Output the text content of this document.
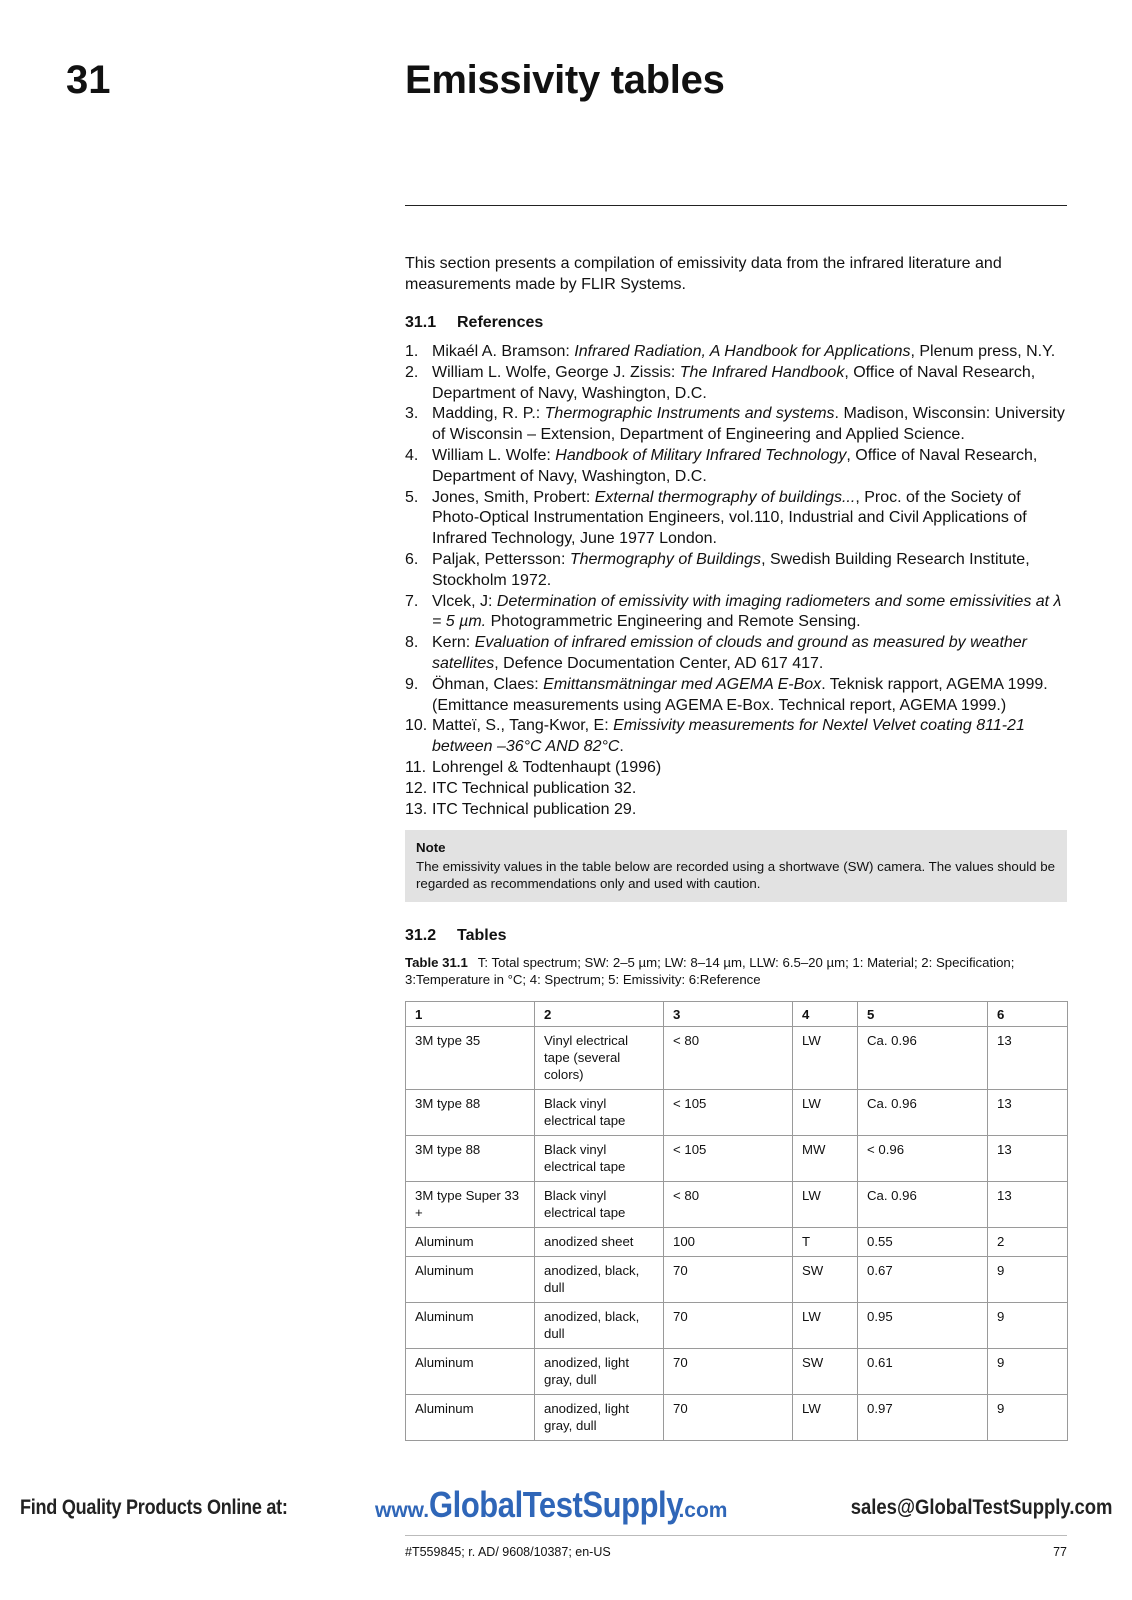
31	Emissivity tables

This section presents a compilation of emissivity data from the infrared literature and measurements made by FLIR Systems.

31.1 References
1. Mikaél A. Bramson: Infrared Radiation, A Handbook for Applications, Plenum press, N.Y.
2. William L. Wolfe, George J. Zissis: The Infrared Handbook, Office of Naval Research, Department of Navy, Washington, D.C.
3. Madding, R. P.: Thermographic Instruments and systems. Madison, Wisconsin: University of Wisconsin – Extension, Department of Engineering and Applied Science.
4. William L. Wolfe: Handbook of Military Infrared Technology, Office of Naval Research, Department of Navy, Washington, D.C.
5. Jones, Smith, Probert: External thermography of buildings..., Proc. of the Society of Photo-Optical Instrumentation Engineers, vol.110, Industrial and Civil Applications of Infrared Technology, June 1977 London.
6. Paljak, Pettersson: Thermography of Buildings, Swedish Building Research Institute, Stockholm 1972.
7. Vlcek, J: Determination of emissivity with imaging radiometers and some emissivities at λ = 5 µm. Photogrammetric Engineering and Remote Sensing.
8. Kern: Evaluation of infrared emission of clouds and ground as measured by weather satellites, Defence Documentation Center, AD 617 417.
9. Öhman, Claes: Emittansmätningar med AGEMA E-Box. Teknisk rapport, AGEMA 1999. (Emittance measurements using AGEMA E-Box. Technical report, AGEMA 1999.)
10. Matteï, S., Tang-Kwor, E: Emissivity measurements for Nextel Velvet coating 811-21 between –36°C AND 82°C.
11. Lohrengel & Todtenhaupt (1996)
12. ITC Technical publication 32.
13. ITC Technical publication 29.
Note
The emissivity values in the table below are recorded using a shortwave (SW) camera. The values should be regarded as recommendations only and used with caution.
31.2 Tables
Table 31.1 T: Total spectrum; SW: 2–5 µm; LW: 8–14 µm, LLW: 6.5–20 µm; 1: Material; 2: Specification; 3:Temperature in °C; 4: Spectrum; 5: Emissivity: 6:Reference
1	2	3	4	5	6
3M type 35	Vinyl electrical tape (several colors)	< 80	LW	Ca. 0.96	13
3M type 88	Black vinyl electrical tape	< 105	LW	Ca. 0.96	13
3M type 88	Black vinyl electrical tape	< 105	MW	< 0.96	13
3M type Super 33 +	Black vinyl electrical tape	< 80	LW	Ca. 0.96	13
Aluminum	anodized sheet	100	T	0.55	2
Aluminum	anodized, black, dull	70	SW	0.67	9
Aluminum	anodized, black, dull	70	LW	0.95	9
Aluminum	anodized, light gray, dull	70	SW	0.61	9
Aluminum	anodized, light gray, dull	70	LW	0.97	9
Find Quality Products Online at:	www.GlobalTestSupply.com	sales@GlobalTestSupply.com
#T559845; r. AD/ 9608/10387; en-US	77
